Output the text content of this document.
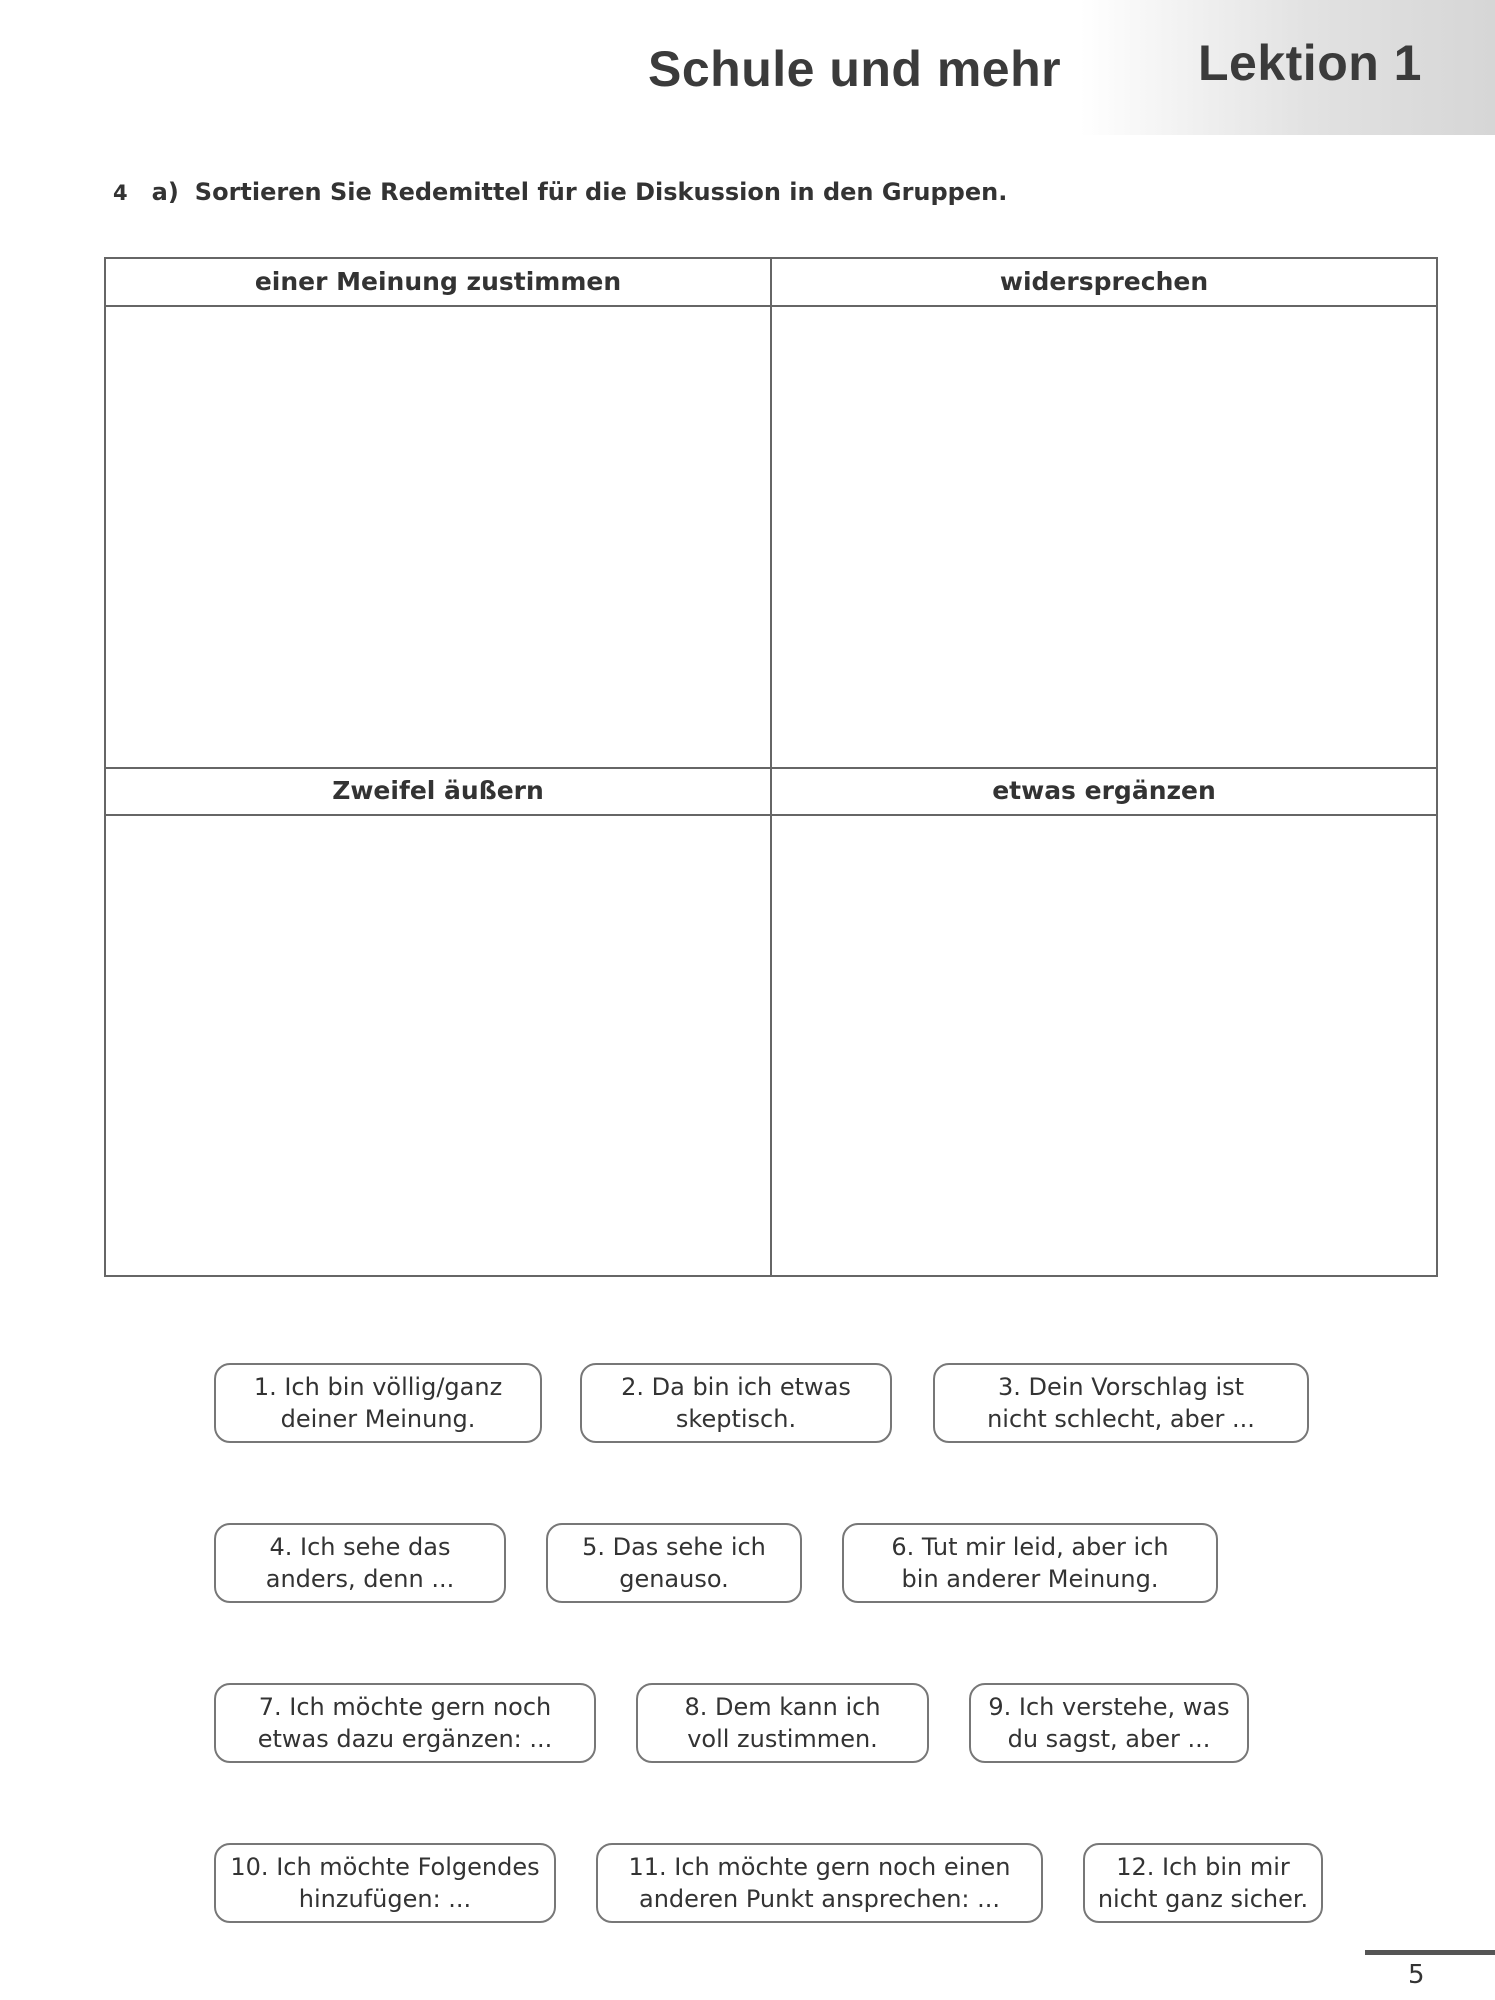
Schule und mehr	Lektion 1
4 a) Sortieren Sie Redemittel für die Diskussion in den Gruppen.
einer Meinung zustimmen	widersprechen
Zweifel äußern	etwas ergänzen
1. Ich bin völlig/ganz
deiner Meinung.
2. Da bin ich etwas
skeptisch.
3. Dein Vorschlag ist
nicht schlecht, aber ...
4. Ich sehe das
anders, denn ...
5. Das sehe ich
genauso.
6. Tut mir leid, aber ich
bin anderer Meinung.
7. Ich möchte gern noch
etwas dazu ergänzen: ...
8. Dem kann ich
voll zustimmen.
9. Ich verstehe, was
du sagst, aber ...
10. Ich möchte Folgendes
hinzufügen: ...
11. Ich möchte gern noch einen
anderen Punkt ansprechen: ...
12. Ich bin mir
nicht ganz sicher.
5
